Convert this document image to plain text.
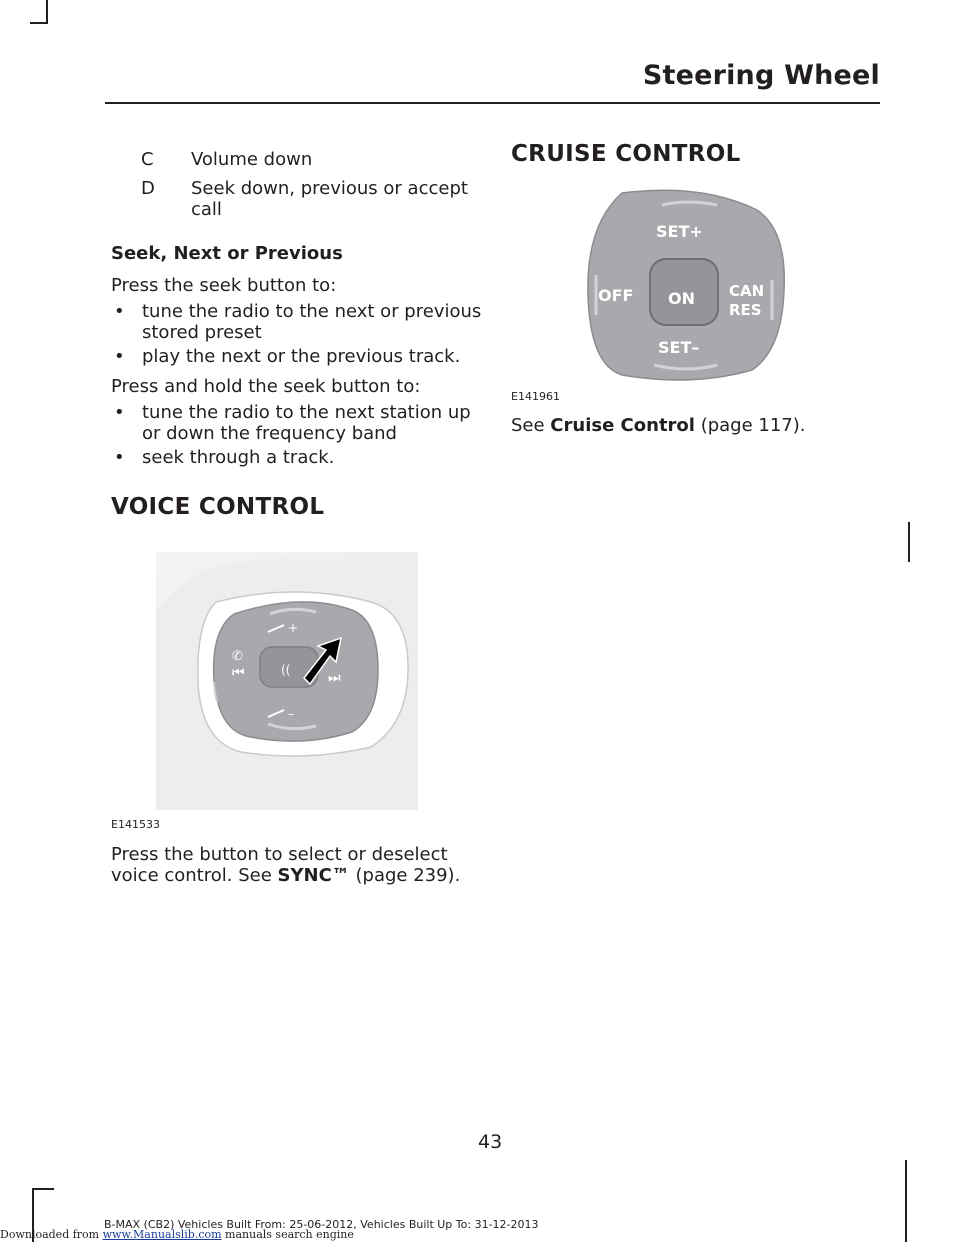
Steering Wheel
C Volume down
D Seek down, previous or accept call
Seek, Next or Previous
Press the seek button to:
• tune the radio to the next or previous stored preset
• play the next or the previous track.
Press and hold the seek button to:
• tune the radio to the next station up or down the frequency band
• seek through a track.
VOICE CONTROL
+
–
⏮
✆
⏭
((
E141533
Press the button to select or deselect voice control. See SYNC™ (page 239).
CRUISE CONTROL
SET+
OFF ON CAN
RES
SET–
E141961
See Cruise Control (page 117).
43
B-MAX (CB2) Vehicles Built From: 25-06-2012, Vehicles Built Up To: 31-12-2013
Downloaded from www.Manualslib.com manuals search engine
